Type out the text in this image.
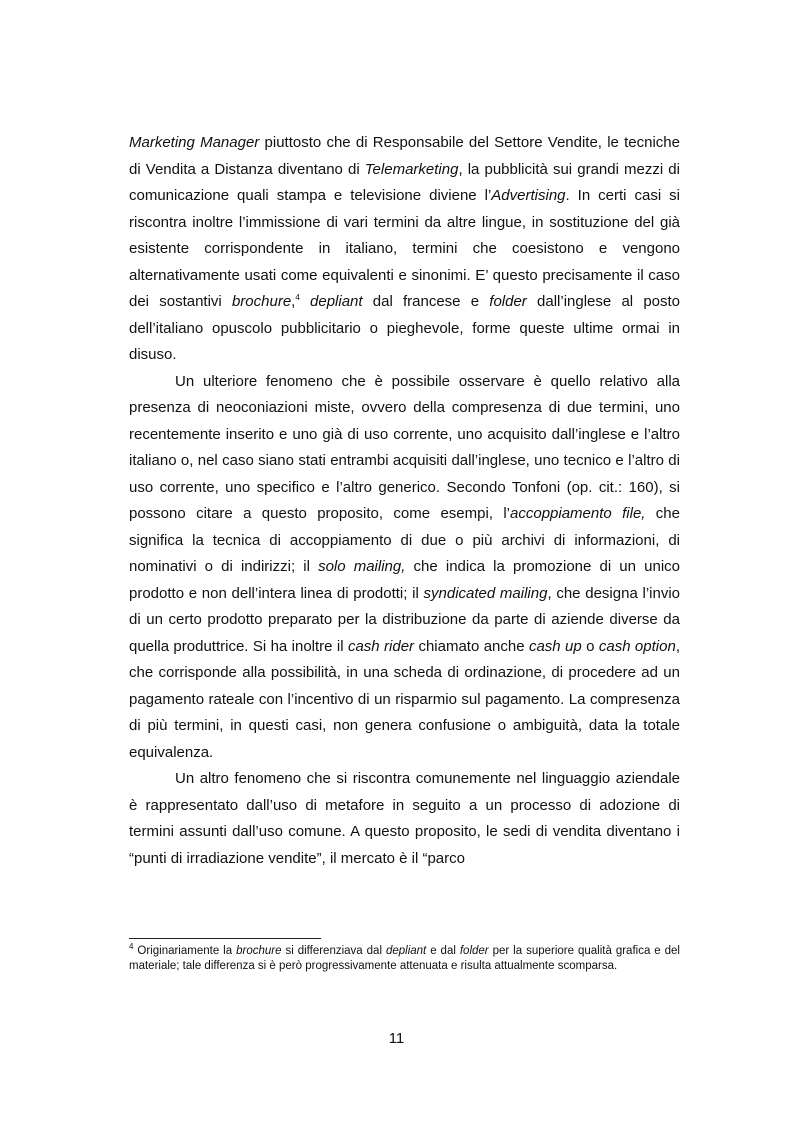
Marketing Manager piuttosto che di Responsabile del Settore Vendite, le tecniche di Vendita a Distanza diventano di Telemarketing, la pubblicità sui grandi mezzi di comunicazione quali stampa e televisione diviene l’Advertising. In certi casi si riscontra inoltre l’immissione di vari termini da altre lingue, in sostituzione del già esistente corrispondente in italiano, termini che coesistono e vengono alternativamente usati come equivalenti e sinonimi. E’ questo precisamente il caso dei sostantivi brochure,$^4$ depliant dal francese e folder dall’inglese al posto dell’italiano opuscolo pubblicitario o pieghevole, forme queste ultime ormai in disuso.

Un ulteriore fenomeno che è possibile osservare è quello relativo alla presenza di neoconiazioni miste, ovvero della compresenza di due termini, uno recentemente inserito e uno già di uso corrente, uno acquisito dall’inglese e l’altro italiano o, nel caso siano stati entrambi acquisiti dall’inglese, uno tecnico e l’altro di uso corrente, uno specifico e l’altro generico. Secondo Tonfoni (op. cit.: 160), si possono citare a questo proposito, come esempi, l’accoppiamento file, che significa la tecnica di accoppiamento di due o più archivi di informazioni, di nominativi o di indirizzi; il solo mailing, che indica la promozione di un unico prodotto e non dell’intera linea di prodotti; il syndicated mailing, che designa l’invio di un certo prodotto preparato per la distribuzione da parte di aziende diverse da quella produttrice. Si ha inoltre il cash rider chiamato anche cash up o cash option, che corrisponde alla possibilità, in una scheda di ordinazione, di procedere ad un pagamento rateale con l’incentivo di un risparmio sul pagamento. La compresenza di più termini, in questi casi, non genera confusione o ambiguità, data la totale equivalenza.

Un altro fenomeno che si riscontra comunemente nel linguaggio aziendale è rappresentato dall’uso di metafore in seguito a un processo di adozione di termini assunti dall’uso comune. A questo proposito, le sedi di vendita diventano i “punti di irradiazione vendite”, il mercato è il “parco

$^4$ Originariamente la brochure si differenziava dal depliant e dal folder per la superiore qualità grafica e del materiale; tale differenza si è però progressivamente attenuata e risulta attualmente scomparsa.
11
